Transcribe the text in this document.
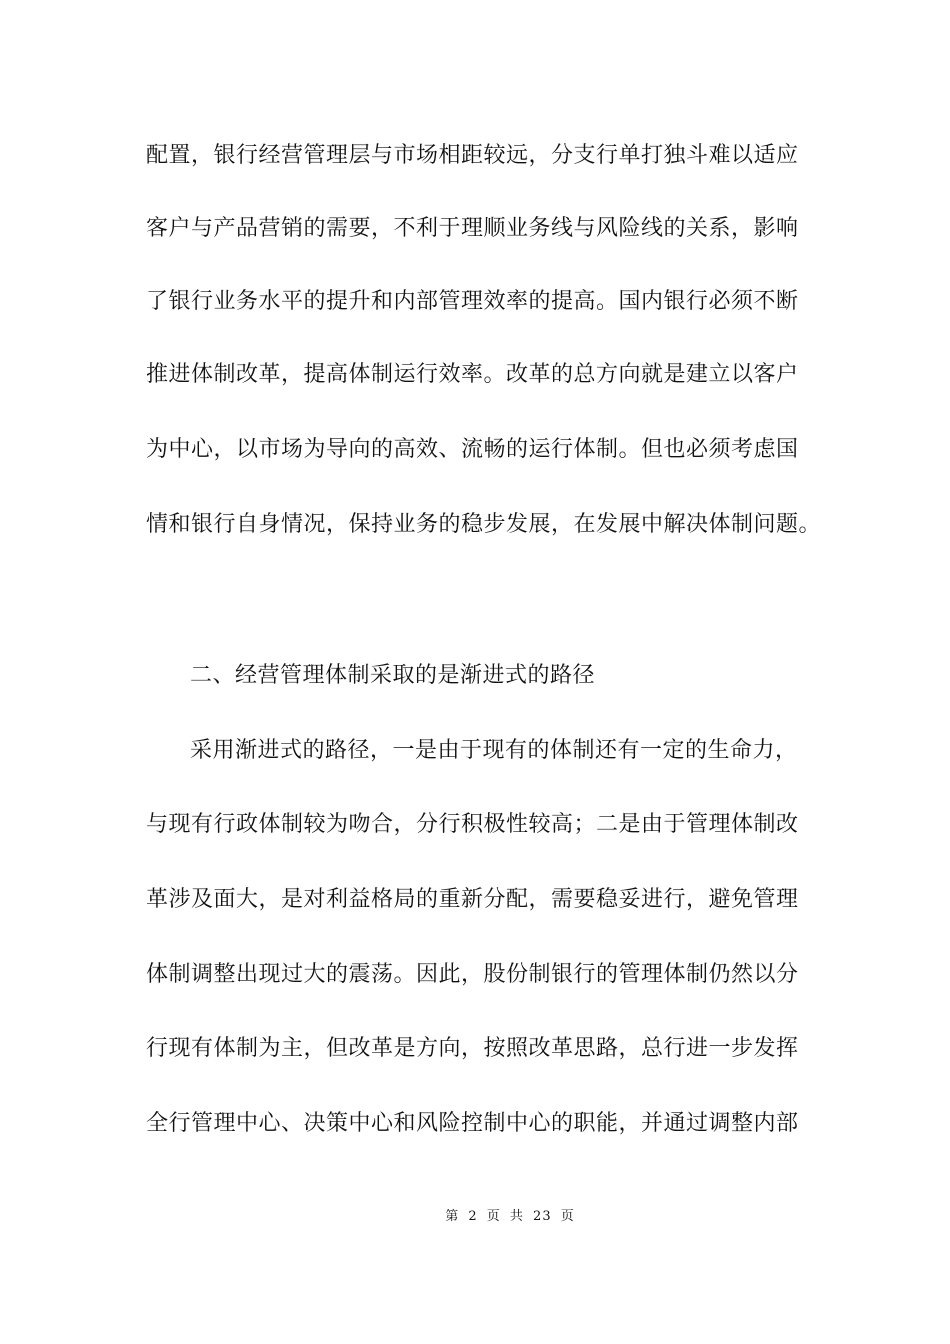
配置，银行经营管理层与市场相距较远，分支行单打独斗难以适应
客户与产品营销的需要，不利于理顺业务线与风险线的关系，影响
了银行业务水平的提升和内部管理效率的提高。国内银行必须不断
推进体制改革，提高体制运行效率。改革的总方向就是建立以客户
为中心，以市场为导向的高效、流畅的运行体制。但也必须考虑国
情和银行自身情况，保持业务的稳步发展，在发展中解决体制问题。
二、经营管理体制采取的是渐进式的路径
采用渐进式的路径，一是由于现有的体制还有一定的生命力，
与现有行政体制较为吻合，分行积极性较高；二是由于管理体制改
革涉及面大，是对利益格局的重新分配，需要稳妥进行，避免管理
体制调整出现过大的震荡。因此，股份制银行的管理体制仍然以分
行现有体制为主，但改革是方向，按照改革思路，总行进一步发挥
全行管理中心、决策中心和风险控制中心的职能，并通过调整内部
第 2 页 共 23 页
